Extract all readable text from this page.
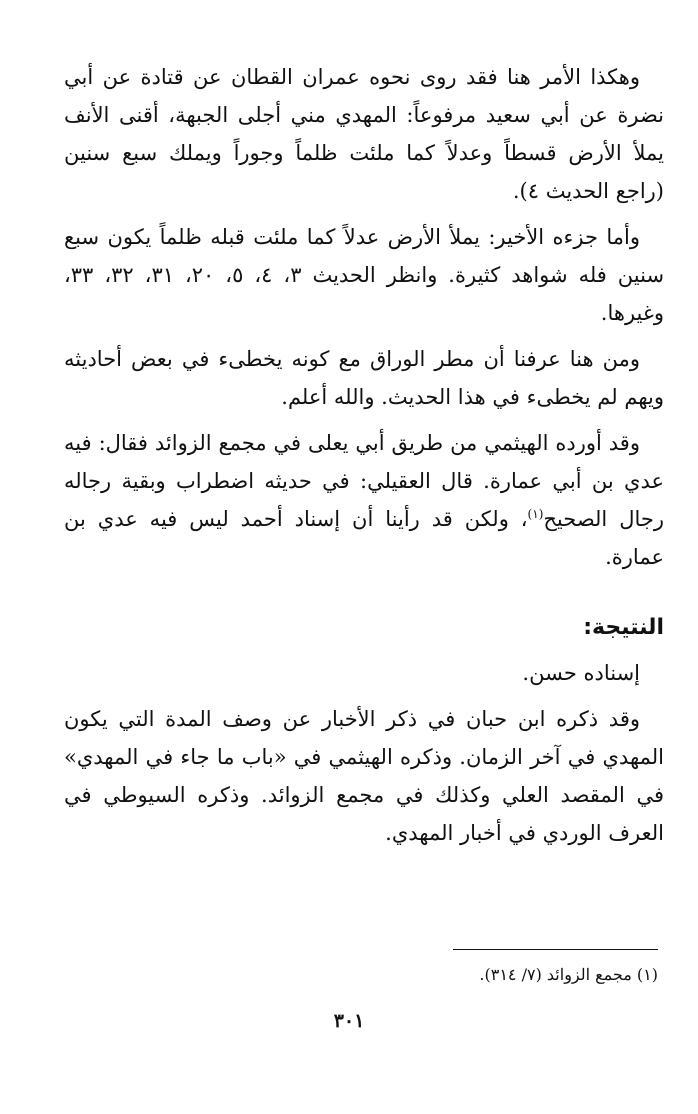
وهكذا الأمر هنا فقد روى نحوه عمران القطان عن قتادة عن أبي نضرة عن أبي سعيد مرفوعاً: المهدي مني أجلى الجبهة، أقنى الأنف يملأ الأرض قسطاً وعدلاً كما ملئت ظلماً وجوراً ويملك سبع سنين (راجع الحديث ٤).

وأما جزءه الأخير: يملأ الأرض عدلاً كما ملئت قبله ظلماً يكون سبع سنين فله شواهد كثيرة. وانظر الحديث ٣، ٤، ٥، ٢٠، ٣١، ٣٢، ٣٣، وغيرها.

ومن هنا عرفنا أن مطر الوراق مع كونه يخطىء في بعض أحاديثه ويهم لم يخطىء في هذا الحديث. والله أعلم.

وقد أورده الهيثمي من طريق أبي يعلى في مجمع الزوائد فقال: فيه عدي بن أبي عمارة. قال العقيلي: في حديثه اضطراب وبقية رجاله رجال الصحيح$^{(١)}$، ولكن قد رأينا أن إسناد أحمد ليس فيه عدي بن عمارة.

النتيجة:

إسناده حسن.

وقد ذكره ابن حبان في ذكر الأخبار عن وصف المدة التي يكون المهدي في آخر الزمان. وذكره الهيثمي في «باب ما جاء في المهدي» في المقصد العلي وكذلك في مجمع الزوائد. وذكره السيوطي في العرف الوردي في أخبار المهدي.

(١) مجمع الزوائد (٧/ ٣١٤).

٣٠١
